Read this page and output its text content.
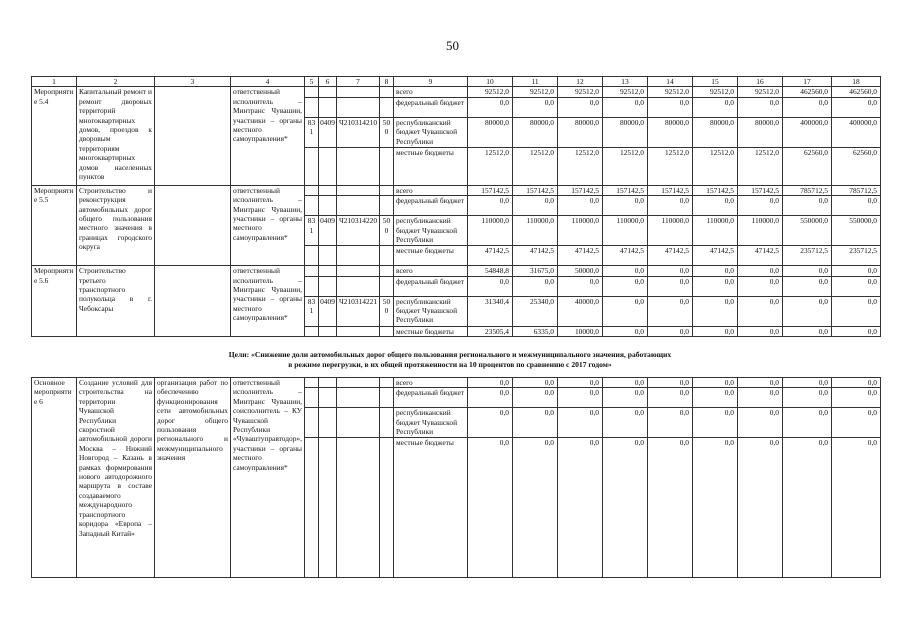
50
1	2	3	4	5	6	7	8	9	10	11	12	13	14	15	16	17	18
Мероприятие 5.4	Капитальный ремонт и ремонт дворовых территорий многоквартирных домов, проездов к дворовым территориям многоквартирных домов населенных пунктов		ответственный исполнитель – Минтранс Чувашии, участники – органы местного самоуправления*					всего	92512,0	92512,0	92512,0	92512,0	92512,0	92512,0	92512,0	462560,0	462560,0
								федеральный бюджет	0,0	0,0	0,0	0,0	0,0	0,0	0,0	0,0	0,0
				831	0409	Ч210314210	500	республиканский бюджет Чувашской Республики	80000,0	80000,0	80000,0	80000,0	80000,0	80000,0	80000,0	400000,0	400000,0
								местные бюджеты	12512,0	12512,0	12512,0	12512,0	12512,0	12512,0	12512,0	62560,0	62560,0
Мероприятие 5.5	Строительство и реконструкция автомобильных дорог общего пользования местного значения в границах городского округа		ответственный исполнитель – Минтранс Чувашии, участники – органы местного самоуправления*					всего	157142,5	157142,5	157142,5	157142,5	157142,5	157142,5	157142,5	785712,5	785712,5
								федеральный бюджет	0,0	0,0	0,0	0,0	0,0	0,0	0,0	0,0	0,0
				831	0409	Ч210314220	500	республиканский бюджет Чувашской Республики	110000,0	110000,0	110000,0	110000,0	110000,0	110000,0	110000,0	550000,0	550000,0
								местные бюджеты	47142,5	47142,5	47142,5	47142,5	47142,5	47142,5	47142,5	235712,5	235712,5
Мероприятие 5.6	Строительство третьего транспортного полукольца в г. Чебоксары		ответственный исполнитель – Минтранс Чувашии, участники – органы местного самоуправления*					всего	54848,8	31675,0	50000,0	0,0	0,0	0,0	0,0	0,0	0,0
								федеральный бюджет	0,0	0,0	0,0	0,0	0,0	0,0	0,0	0,0	0,0
				831	0409	Ч210314221	500	республиканский бюджет Чувашской Республики	31340,4	25340,0	40000,0	0,0	0,0	0,0	0,0	0,0	0,0
								местные бюджеты	23505,4	6335,0	10000,0	0,0	0,0	0,0	0,0	0,0	0,0
Цели: «Снижение доли автомобильных дорог общего пользования регионального и межмуниципального значения, работающих
в режиме перегрузки, в их общей протяженности на 10 процентов по сравнению с 2017 годом»
Основное мероприятие 6	Создание условий для строительства на территории Чувашской Республики скоростной автомобильной дороги Москва – Нижний Новгород – Казань в рамках формирования нового автодорожного маршрута в составе создаваемого международного транспортного коридора «Европа – Западный Китай»	организация работ по обеспечению функционирования сети автомобильных дорог общего пользования регионального и межмуниципального значения	ответственный исполнитель – Минтранс Чувашии, соисполнитель – КУ Чувашской Республики «Чуваштуправтодор», участники – органы местного самоуправления*					всего	0,0	0,0	0,0	0,0	0,0	0,0	0,0	0,0	0,0
								федеральный бюджет	0,0	0,0	0,0	0,0	0,0	0,0	0,0	0,0	0,0
								республиканский бюджет Чувашской Республики	0,0	0,0	0,0	0,0	0,0	0,0	0,0	0,0	0,0
								местные бюджеты	0,0	0,0	0,0	0,0	0,0	0,0	0,0	0,0	0,0
